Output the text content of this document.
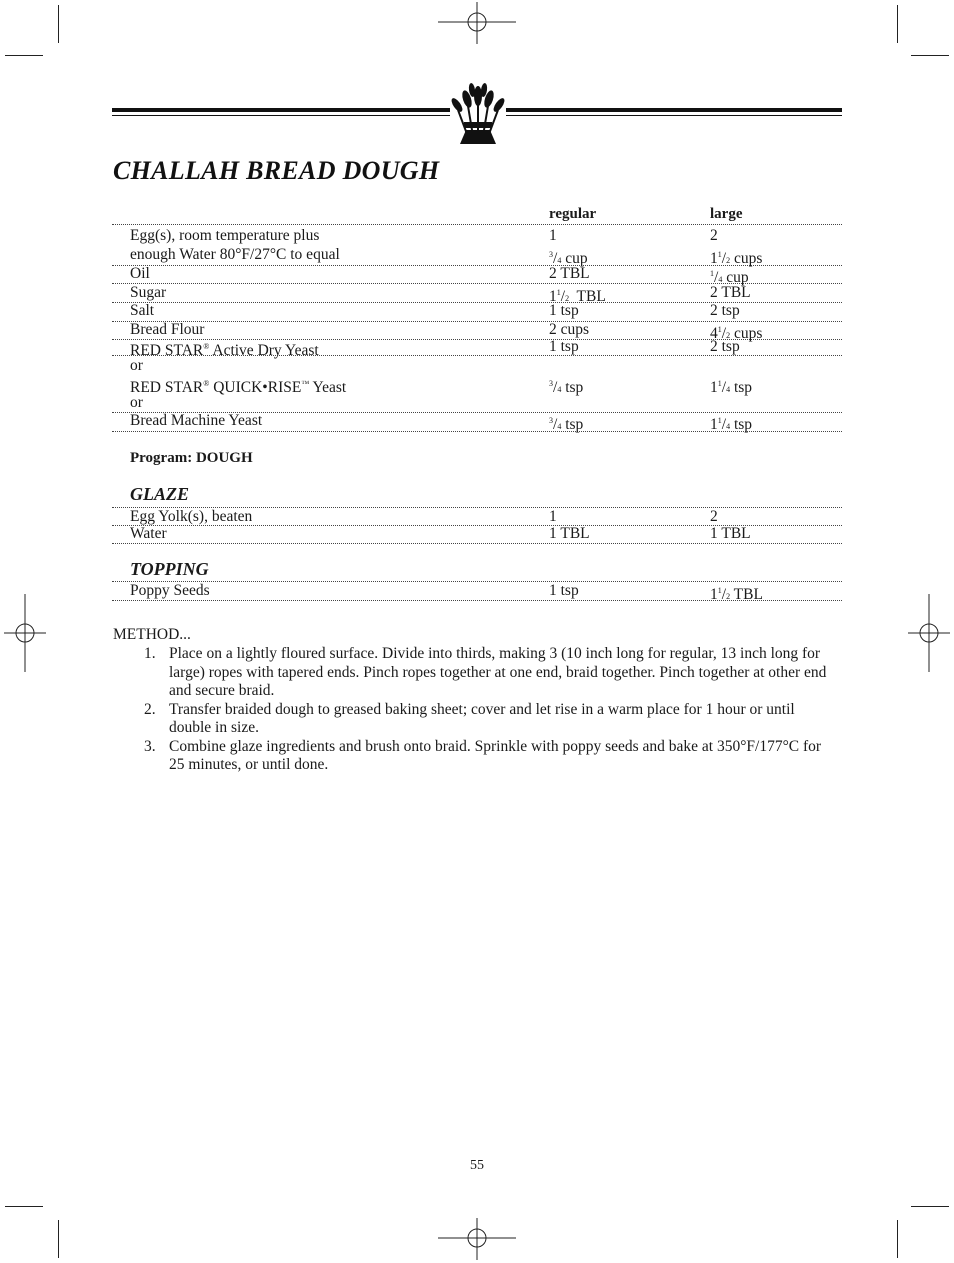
CHALLAH BREAD DOUGH
regular	large
Egg(s), room temperature plus	1	2
enough Water 80°F/27°C to equal	$^3$/4 cup	$1^1/2$ cups
Oil	2 TBL	$^1$/4 cup
Sugar	$1^1/2$ TBL	2 TBL
Salt	1 tsp	2 tsp
Bread Flour	2 cups	$4^1/2$ cups
RED STAR® Active Dry Yeast	1 tsp	2 tsp
or
RED STAR® QUICK•RISE™ Yeast	$^3$/4 tsp	$1^1/4$ tsp
or
Bread Machine Yeast	$^3$/4 tsp	$1^1/4$ tsp
Program: DOUGH
GLAZE
Egg Yolk(s), beaten	1	2
Water	1 TBL	1 TBL
TOPPING
Poppy Seeds	1 tsp	$1^1/2$ TBL
METHOD...
1. Place on a lightly floured surface. Divide into thirds, making 3 (10 inch long for regular, 13 inch long for large) ropes with tapered ends. Pinch ropes together at one end, braid together. Pinch together at other end and secure braid.
2. Transfer braided dough to greased baking sheet; cover and let rise in a warm place for 1 hour or until double in size.
3. Combine glaze ingredients and brush onto braid. Sprinkle with poppy seeds and bake at 350°F/177°C for 25 minutes, or until done.
55
